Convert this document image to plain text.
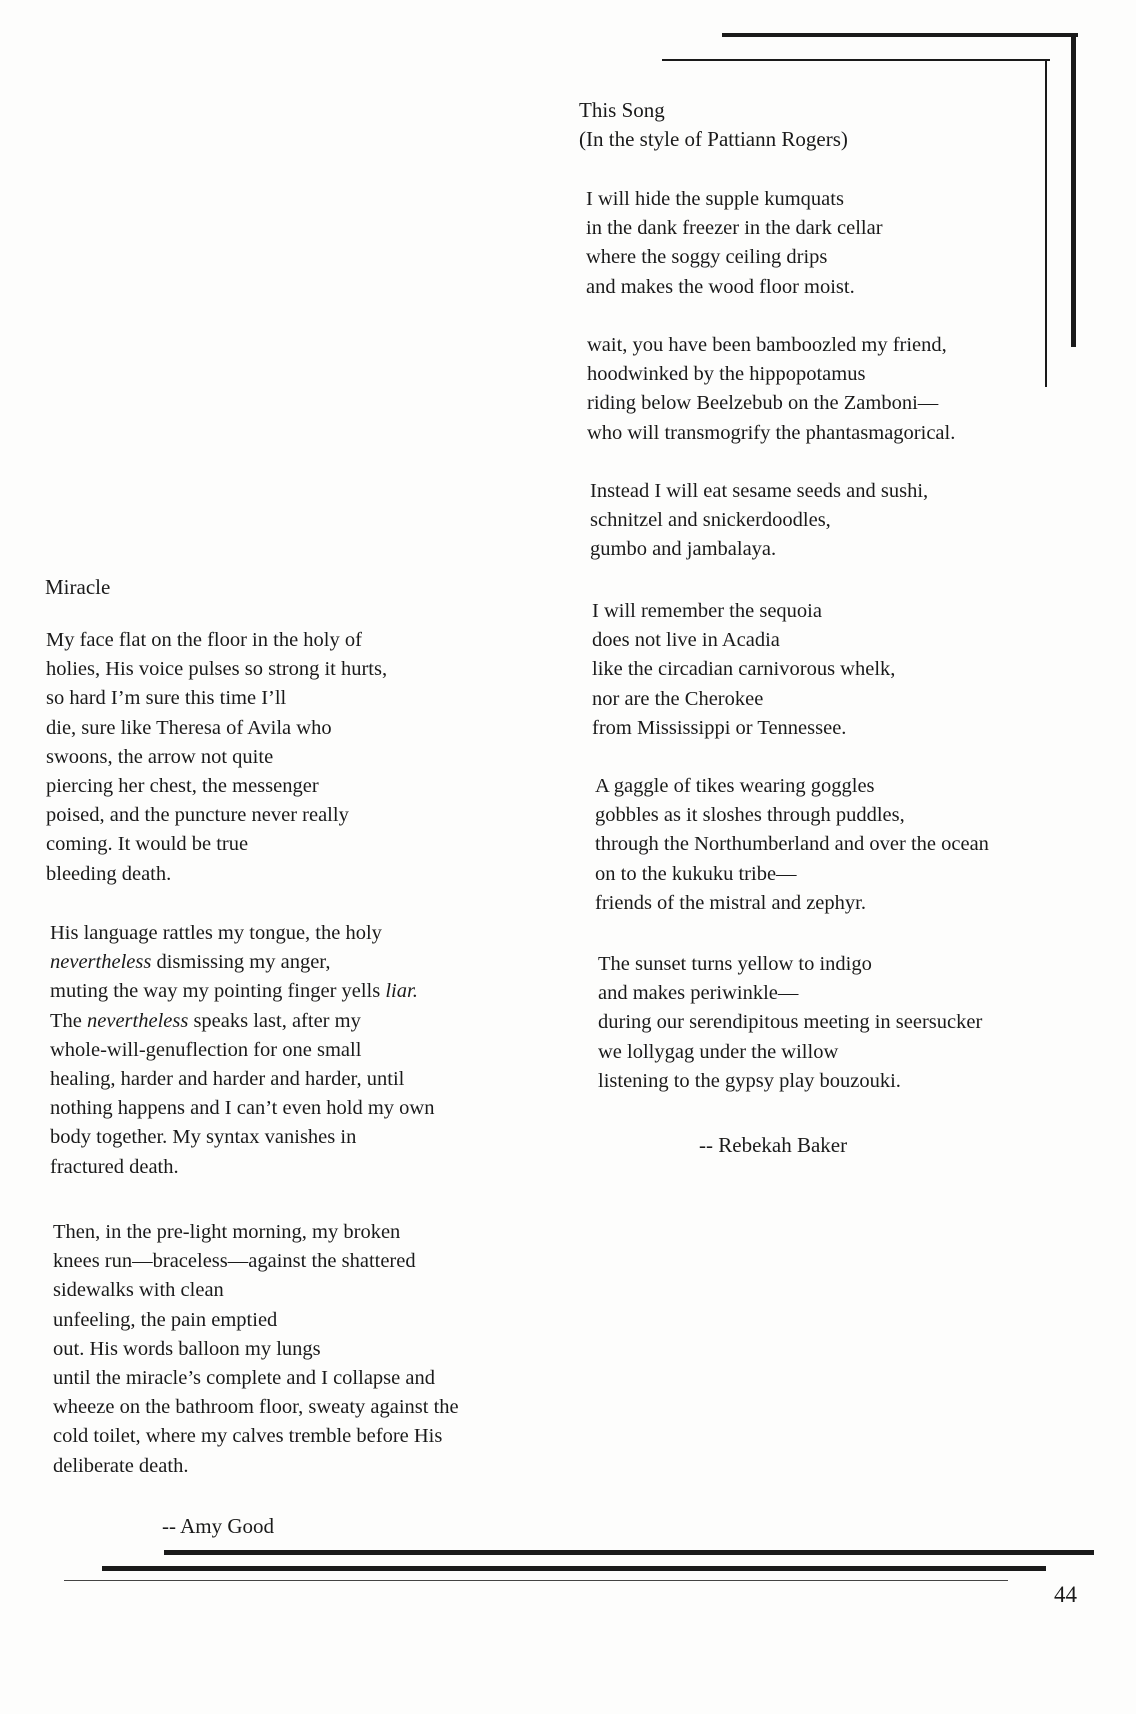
This Song
(In the style of Pattiann Rogers)
I will hide the supple kumquats
in the dank freezer in the dark cellar
where the soggy ceiling drips
and makes the wood floor moist.
wait, you have been bamboozled my friend,
hoodwinked by the hippopotamus
riding below Beelzebub on the Zamboni—
who will transmogrify the phantasmagorical.
Instead I will eat sesame seeds and sushi,
schnitzel and snickerdoodles,
gumbo and jambalaya.
I will remember the sequoia
does not live in Acadia
like the circadian carnivorous whelk,
nor are the Cherokee
from Mississippi or Tennessee.
A gaggle of tikes wearing goggles
gobbles as it sloshes through puddles,
through the Northumberland and over the ocean
on to the kukuku tribe—
friends of the mistral and zephyr.
The sunset turns yellow to indigo
and makes periwinkle—
during our serendipitous meeting in seersucker
we lollygag under the willow
listening to the gypsy play bouzouki.
-- Rebekah Baker
Miracle
My face flat on the floor in the holy of
holies, His voice pulses so strong it hurts,
so hard I’m sure this time I’ll
die, sure like Theresa of Avila who
swoons, the arrow not quite
piercing her chest, the messenger
poised, and the puncture never really
coming. It would be true
bleeding death.
His language rattles my tongue, the holy
nevertheless dismissing my anger,
muting the way my pointing finger yells liar.
The nevertheless speaks last, after my
whole-will-genuflection for one small
healing, harder and harder and harder, until
nothing happens and I can’t even hold my own
body together. My syntax vanishes in
fractured death.
Then, in the pre-light morning, my broken
knees run—braceless—against the shattered
sidewalks with clean
unfeeling, the pain emptied
out. His words balloon my lungs
until the miracle’s complete and I collapse and
wheeze on the bathroom floor, sweaty against the
cold toilet, where my calves tremble before His
deliberate death.
-- Amy Good
44
